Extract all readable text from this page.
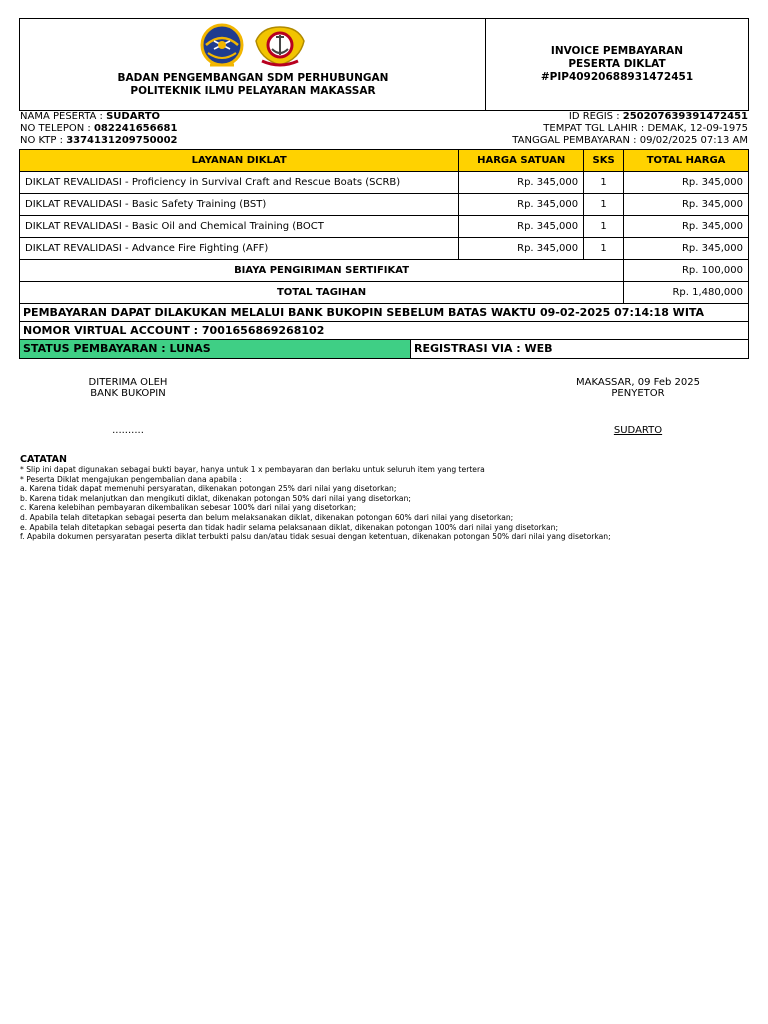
BADAN PENGEMBANGAN SDM PERHUBUNGAN
POLITEKNIK ILMU PELAYARAN MAKASSAR
INVOICE PEMBAYARAN
PESERTA DIKLAT
#PIP40920688931472451
NAMA PESERTA : SUDARTO	ID REGIS : 250207639391472451
NO TELEPON : 082241656681	TEMPAT TGL LAHIR : DEMAK, 12-09-1975
NO KTP : 3374131209750002	TANGGAL PEMBAYARAN : 09/02/2025 07:13 AM
LAYANAN DIKLAT	HARGA SATUAN	SKS	TOTAL HARGA
DIKLAT REVALIDASI - Proficiency in Survival Craft and Rescue Boats (SCRB)	Rp. 345,000	1	Rp. 345,000
DIKLAT REVALIDASI - Basic Safety Training (BST)	Rp. 345,000	1	Rp. 345,000
DIKLAT REVALIDASI - Basic Oil and Chemical Training (BOCT	Rp. 345,000	1	Rp. 345,000
DIKLAT REVALIDASI - Advance Fire Fighting (AFF)	Rp. 345,000	1	Rp. 345,000
BIAYA PENGIRIMAN SERTIFIKAT			Rp. 100,000
TOTAL TAGIHAN			Rp. 1,480,000
PEMBAYARAN DAPAT DILAKUKAN MELALUI BANK BUKOPIN SEBELUM BATAS WAKTU 09-02-2025 07:14:18 WITA
NOMOR VIRTUAL ACCOUNT : 7001656869268102
STATUS PEMBAYARAN : LUNAS	REGISTRASI VIA : WEB
DITERIMA OLEH
BANK BUKOPIN
..........
MAKASSAR, 09 Feb 2025
PENYETOR
SUDARTO
CATATAN
* Slip ini dapat digunakan sebagai bukti bayar, hanya untuk 1 x pembayaran dan berlaku untuk seluruh item yang tertera
* Peserta Diklat mengajukan pengembalian dana apabila :
a. Karena tidak dapat memenuhi persyaratan, dikenakan potongan 25% dari nilai yang disetorkan;
b. Karena tidak melanjutkan dan mengikuti diklat, dikenakan potongan 50% dari nilai yang disetorkan;
c. Karena kelebihan pembayaran dikembalikan sebesar 100% dari nilai yang disetorkan;
d. Apabila telah ditetapkan sebagai peserta dan belum melaksanakan diklat, dikenakan potongan 60% dari nilai yang disetorkan;
e. Apabila telah ditetapkan sebagai peserta dan tidak hadir selama pelaksanaan diklat, dikenakan potongan 100% dari nilai yang disetorkan;
f. Apabila dokumen persyaratan peserta diklat terbukti palsu dan/atau tidak sesuai dengan ketentuan, dikenakan potongan 50% dari nilai yang disetorkan;
